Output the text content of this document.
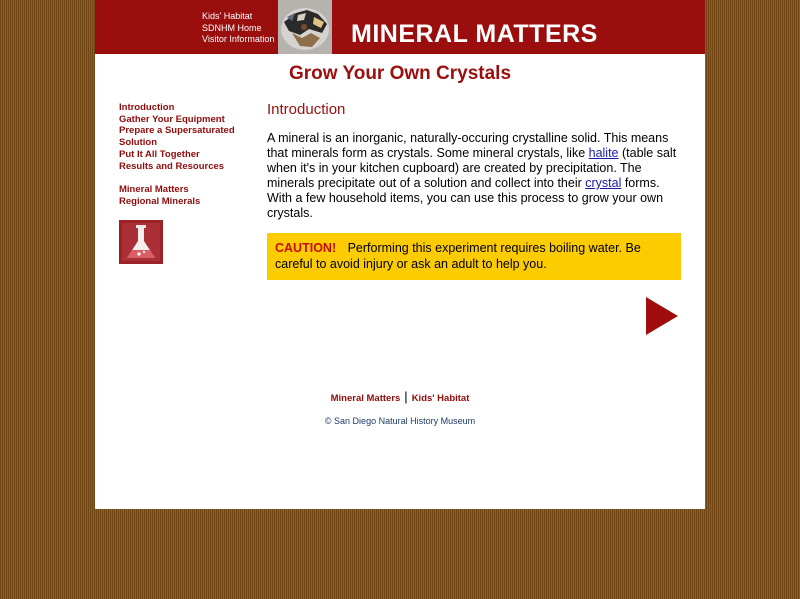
Kids' Habitat
SDNHM Home
Visitor Information	MINERAL MATTERS
Grow Your Own Crystals
Introduction
Gather Your Equipment
Prepare a Supersaturated Solution
Put It All Together
Results and Resources
Mineral Matters
Regional Minerals
Introduction

A mineral is an inorganic, naturally-occuring crystalline solid. This means that minerals form as crystals. Some mineral crystals, like halite (table salt when it's in your kitchen cupboard) are created by precipitation. The minerals precipitate out of a solution and collect into their crystal forms. With a few household items, you can use this process to grow your own crystals.

CAUTION! Performing this experiment requires boiling water. Be careful to avoid injury or ask an adult to help you.
Mineral Matters | Kids' Habitat
© San Diego Natural History Museum
